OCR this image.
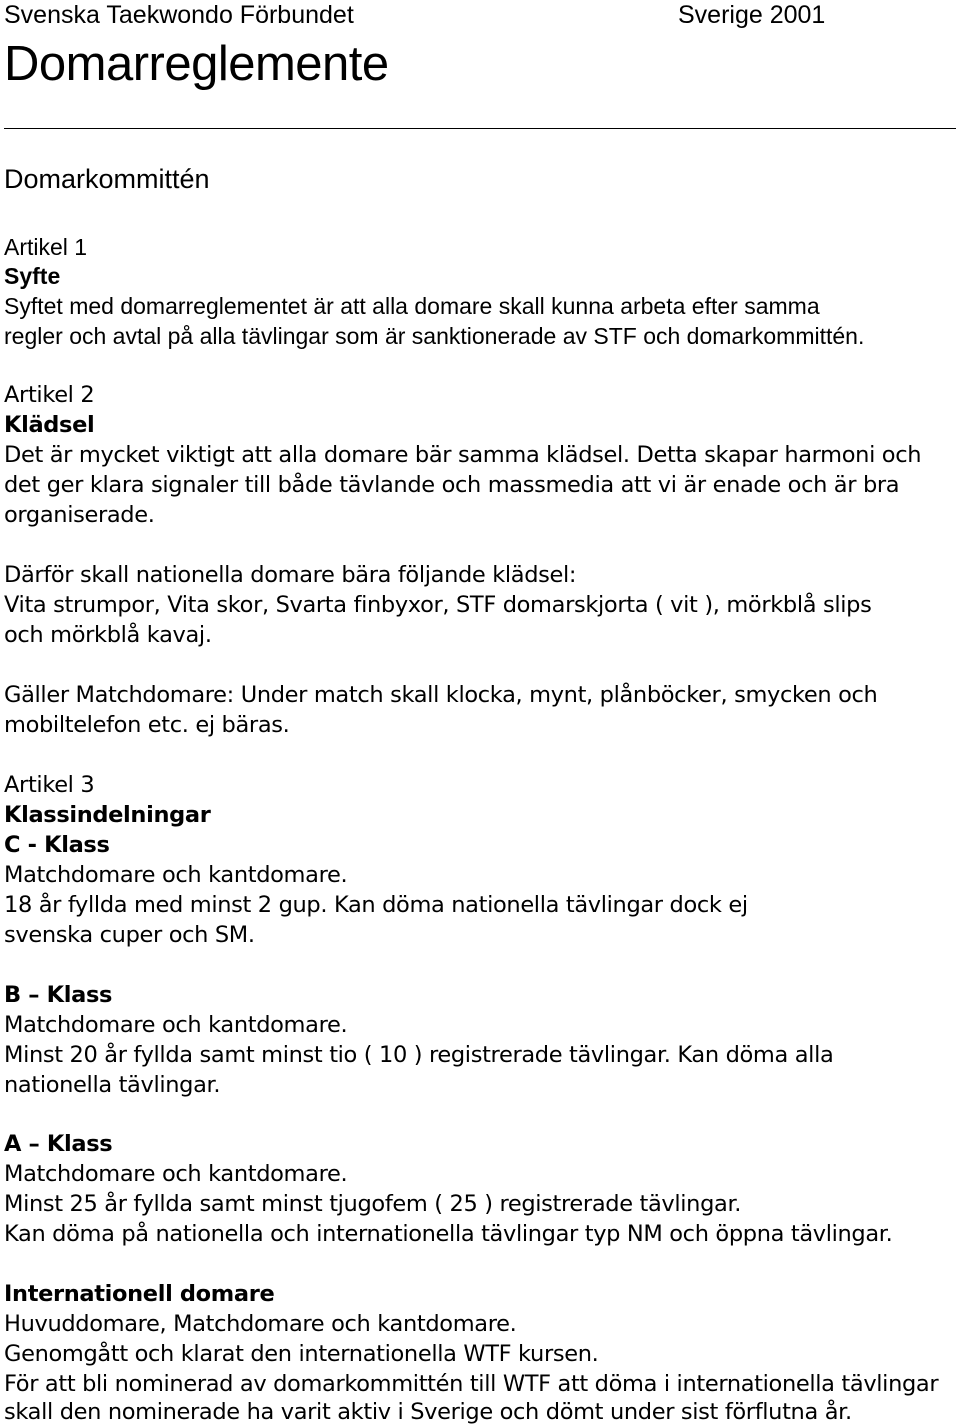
Svenska Taekwondo Förbundet	Sverige 2001
Domarreglemente
Domarkommittén
Artikel 1
Syfte
Syftet med domarreglementet är att alla domare skall kunna arbeta efter samma
regler och avtal på alla tävlingar som är sanktionerade av STF och domarkommittén.
Artikel 2
Klädsel
Det är mycket viktigt att alla domare bär samma klädsel. Detta skapar harmoni och
det ger klara signaler till både tävlande och massmedia att vi är enade och är bra
organiserade.
Därför skall nationella domare bära följande klädsel:
Vita strumpor, Vita skor, Svarta finbyxor, STF domarskjorta ( vit ), mörkblå slips
och mörkblå kavaj.
Gäller Matchdomare: Under match skall klocka, mynt, plånböcker, smycken och
mobiltelefon etc. ej bäras.
Artikel 3
Klassindelningar
C - Klass
Matchdomare och kantdomare.
18 år fyllda med minst 2 gup. Kan döma nationella tävlingar dock ej
svenska cuper och SM.
B – Klass
Matchdomare och kantdomare.
Minst 20 år fyllda samt minst tio ( 10 ) registrerade tävlingar. Kan döma alla
nationella tävlingar.
A – Klass
Matchdomare och kantdomare.
Minst 25 år fyllda samt minst tjugofem ( 25 ) registrerade tävlingar.
Kan döma på nationella och internationella tävlingar typ NM och öppna tävlingar.
Internationell domare
Huvuddomare, Matchdomare och kantdomare.
Genomgått och klarat den internationella WTF kursen.
För att bli nominerad av domarkommittén till WTF att döma i internationella tävlingar
skall den nominerade ha varit aktiv i Sverige och dömt under sist förflutna år.
